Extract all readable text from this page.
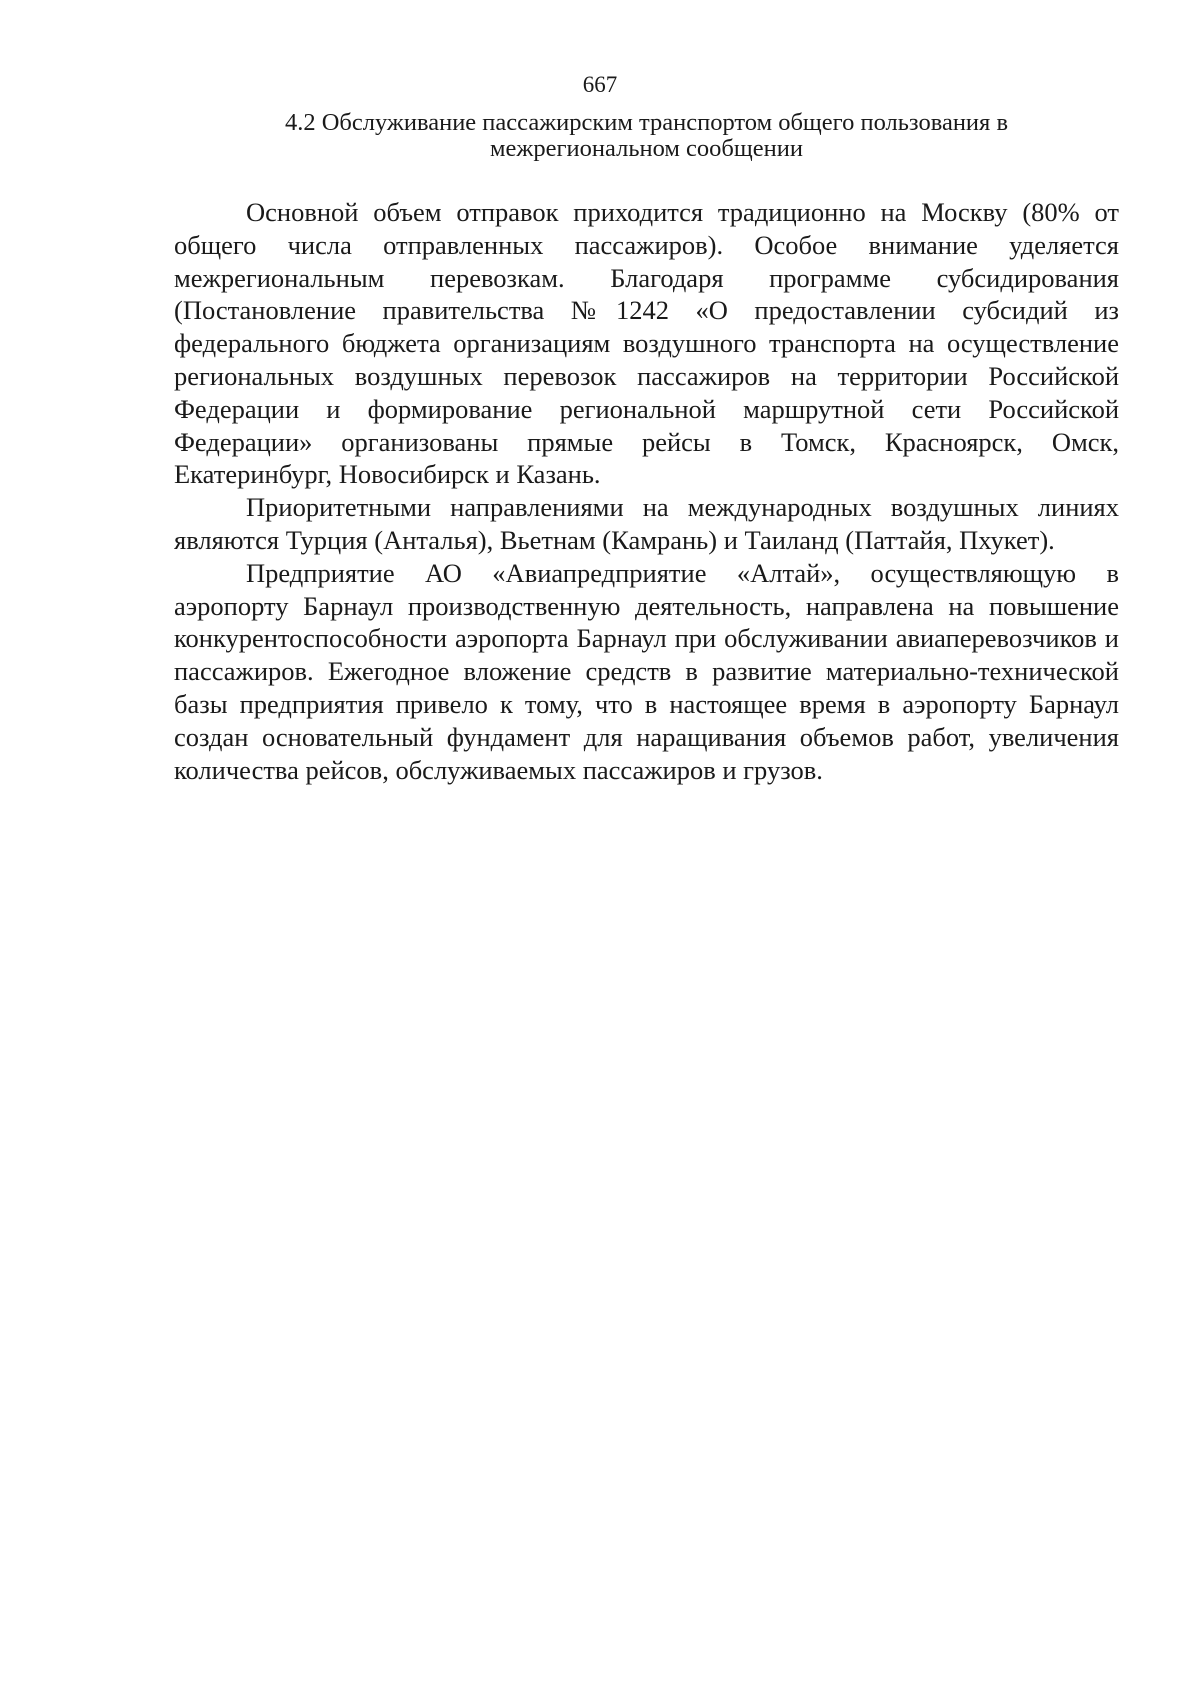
667
4.2 Обслуживание пассажирским транспортом общего пользования в
межрегиональном сообщении

Основной объем отправок приходится традиционно на Москву (80% от общего числа отправленных пассажиров). Особое внимание уделяется межрегиональным перевозкам. Благодаря программе субсидирования (Постановление правительства №1242 «О предоставлении субсидий из федерального бюджета организациям воздушного транспорта на осуществление региональных воздушных перевозок пассажиров на территории Российской Федерации и формирование региональной маршрутной сети Российской Федерации» организованы прямые рейсы в Томск, Красноярск, Омск, Екатеринбург, Новосибирск и Казань.

Приоритетными направлениями на международных воздушных линиях являются Турция (Анталья), Вьетнам (Камрань) и Таиланд (Паттайя, Пхукет).

Предприятие АО «Авиапредприятие «Алтай», осуществляющую в аэропорту Барнаул производственную деятельность, направлена на повышение конкурентоспособности аэропорта Барнаул при обслуживании авиаперевозчиков и пассажиров. Ежегодное вложение средств в развитие материально-технической базы предприятия привело к тому, что в настоящее время в аэропорту Барнаул создан основательный фундамент для наращивания объемов работ, увеличения количества рейсов, обслуживаемых пассажиров и грузов.
